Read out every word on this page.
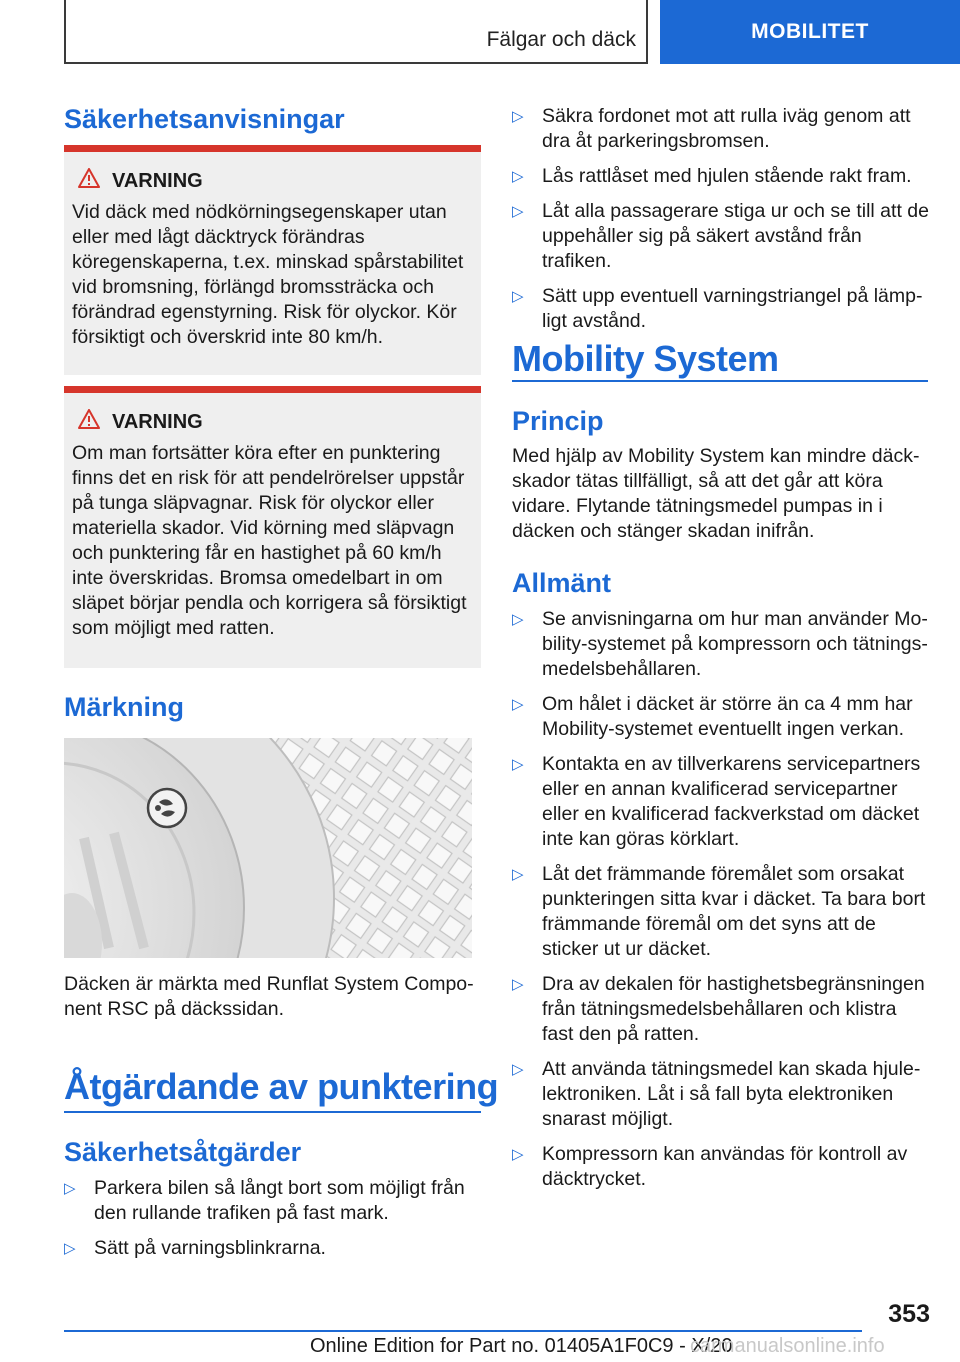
Fälgar och däck	MOBILITET
Säkerhetsanvisningar
VARNING
Vid däck med nödkörningsegenskaper utan eller med lågt däcktryck förändras köregenskaperna, t.ex. minskad spårstabilitet vid bromsning, förlängd bromssträcka och förändrad egenstyrning. Risk för olyckor. Kör försiktigt och överskrid inte 80 km/h.
VARNING
Om man fortsätter köra efter en punktering finns det en risk för att pendelrörelser uppstår på tunga släpvagnar. Risk för olyckor eller materiella skador. Vid körning med släpvagn och punktering får en hastighet på 60 km/h inte överskridas. Bromsa omedelbart in om släpet börjar pendla och korrigera så försiktigt som möjligt med ratten.
Märkning

Däcken är märkta med Runflat System Component RSC på däckssidan.

Åtgärdande av punktering
Säkerhetsåtgärder
▷ Parkera bilen så långt bort som möjligt från den rullande trafiken på fast mark.
▷ Sätt på varningsblinkrarna.
▷ Säkra fordonet mot att rulla iväg genom att dra åt parkeringsbromsen.
▷ Lås rattlåset med hjulen stående rakt fram.
▷ Låt alla passagerare stiga ur och se till att de uppehåller sig på säkert avstånd från trafiken.
▷ Sätt upp eventuell varningstriangel på lämpligt avstånd.
Mobility System
Princip

Med hjälp av Mobility System kan mindre däckskador tätas tillfälligt, så att det går att köra vidare. Flytande tätningsmedel pumpas in i däcken och stänger skadan inifrån.

Allmänt
▷ Se anvisningarna om hur man använder Mobility-systemet på kompressorn och tätningsmedelsbehållaren.
▷ Om hålet i däcket är större än ca 4 mm har Mobility-systemet eventuellt ingen verkan.
▷ Kontakta en av tillverkarens servicepartners eller en annan kvalificerad servicepartner eller en kvalificerad fackverkstad om däcket inte kan göras körklart.
▷ Låt det främmande föremålet som orsakat punkteringen sitta kvar i däcket. Ta bara bort främmande föremål om det syns att de sticker ut ur däcket.
▷ Dra av dekalen för hastighetsbegränsningen från tätningsmedelsbehållaren och klistra fast den på ratten.
▷ Att använda tätningsmedel kan skada hjulelektroniken. Låt i så fall byta elektroniken snarast möjligt.
▷ Kompressorn kan användas för kontroll av däcktrycket.
353
Online Edition for Part no. 01405A1F0C9 - X/20
carmanualsonline.info
